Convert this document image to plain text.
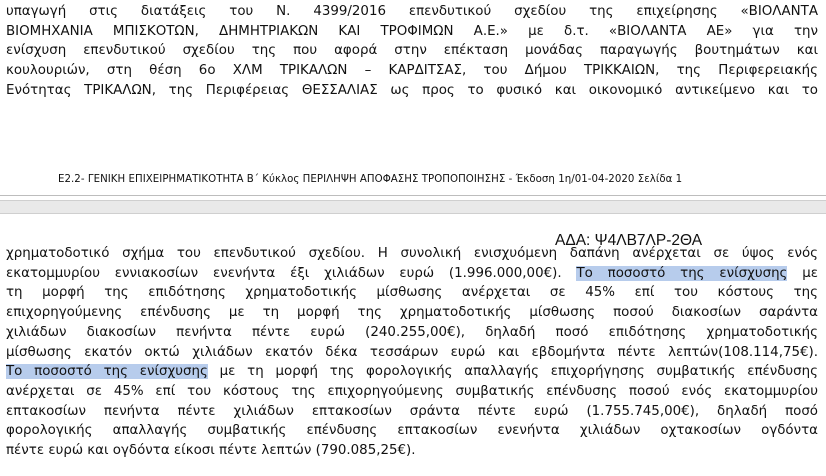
υπαγωγή στις διατάξεις του Ν. 4399/2016 επενδυτικού σχεδίου της επιχείρησης «ΒΙΟΛΑΝΤΑ
ΒΙΟΜΗΧΑΝΙΑ ΜΠΙΣΚΟΤΩΝ, ΔΗΜΗΤΡΙΑΚΩΝ ΚΑΙ ΤΡΟΦΙΜΩΝ Α.Ε.» με δ.τ. «ΒΙΟΛΑΝΤΑ ΑΕ» για την
ενίσχυση επενδυτικού σχεδίου της που αφορά στην επέκταση μονάδας παραγωγής βουτημάτων και
κουλουριών, στη θέση 6ο ΧΛΜ ΤΡΙΚΑΛΩΝ – ΚΑΡΔΙΤΣΑΣ, του Δήμου ΤΡΙΚΚΑΙΩΝ, της Περιφερειακής
Ενότητας ΤΡΙΚΑΛΩΝ, της Περιφέρειας ΘΕΣΣΑΛΙΑΣ ως προς το φυσικό και οικονομικό αντικείμενο και το

Ε2.2- ΓΕΝΙΚΗ ΕΠΙΧΕΙΡΗΜΑΤΙΚΟΤΗΤΑ Β΄ Κύκλος ΠΕΡΙΛΗΨΗ ΑΠΟΦΑΣΗΣ ΤΡΟΠΟΠΟΙΗΣΗΣ - Έκδοση 1η/01-04-2020 Σελίδα 1
ΑΔΑ: Ψ4ΛΒ7ΛΡ-2ΘΑ

χρηματοδοτικό σχήμα του επενδυτικού σχεδίου. Η συνολική ενισχυόμενη δαπάνη ανέρχεται σε ύψος ενός
εκατομμυρίου εννιακοσίων ενενήντα έξι χιλιάδων ευρώ (1.996.000,00€). Το ποσοστό της ενίσχυσης με
τη μορφή της επιδότησης χρηματοδοτικής μίσθωσης ανέρχεται σε 45% επί του κόστους της
επιχορηγούμενης επένδυσης με τη μορφή της χρηματοδοτικής μίσθωσης ποσού διακοσίων σαράντα
χιλιάδων διακοσίων πενήντα πέντε ευρώ (240.255,00€), δηλαδή ποσό επιδότησης χρηματοδοτικής
μίσθωσης εκατόν οκτώ χιλιάδων εκατόν δέκα τεσσάρων ευρώ και εβδομήντα πέντε λεπτών(108.114,75€).
Το ποσοστό της ενίσχυσης με τη μορφή της φορολογικής απαλλαγής επιχορήγησης συμβατικής επένδυσης
ανέρχεται σε 45% επί του κόστους της επιχορηγούμενης συμβατικής επένδυσης ποσού ενός εκατομμυρίου
επτακοσίων πενήντα πέντε χιλιάδων επτακοσίων σράντα πέντε ευρώ (1.755.745,00€), δηλαδή ποσό
φορολογικής απαλλαγής συμβατικής επένδυσης επτακοσίων ενενήντα χιλιάδων οχτακοσίων ογδόντα
πέντε ευρώ και ογδόντα είκοσι πέντε λεπτών (790.085,25€).
